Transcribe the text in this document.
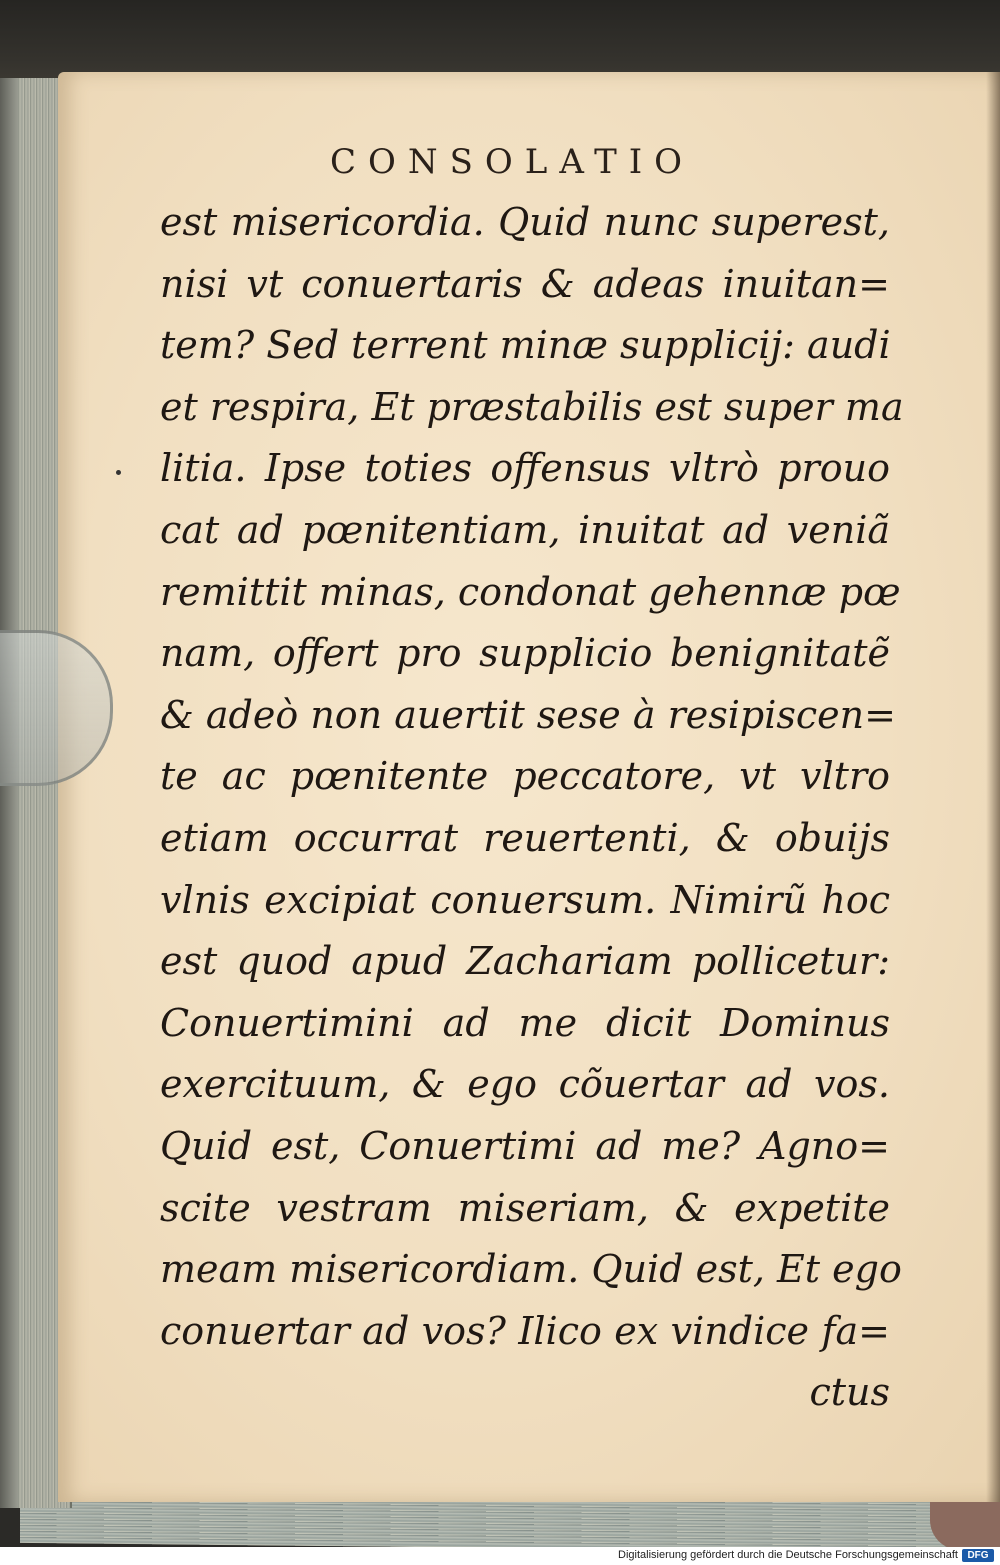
CONSOLATIO
est misericordia. Quid nunc superest,
nisi vt conuertaris & adeas inuitan=
tem? Sed terrent minæ supplicij: audi
et respira, Et præstabilis est super ma
litia. Ipse toties offensus vltrò prouo
cat ad pœnitentiam, inuitat ad veniã
remittit minas, condonat gehennæ pœ
nam, offert pro supplicio benignitatẽ
& adeò non auertit sese à resipiscen=
te ac pœnitente peccatore, vt vltro
etiam occurrat reuertenti, & obuijs
vlnis excipiat conuersum. Nimirũ hoc
est quod apud Zachariam pollicetur:
Conuertimini ad me dicit Dominus
exercituum, & ego cõuertar ad vos.
Quid est, Conuertimi ad me? Agno=
scite vestram miseriam, & expetite
meam misericordiam. Quid est, Et ego
conuertar ad vos? Ilico ex vindice fa=
ctus
Digitalisierung gefördert durch die Deutsche Forschungsgemeinschaft DFG
